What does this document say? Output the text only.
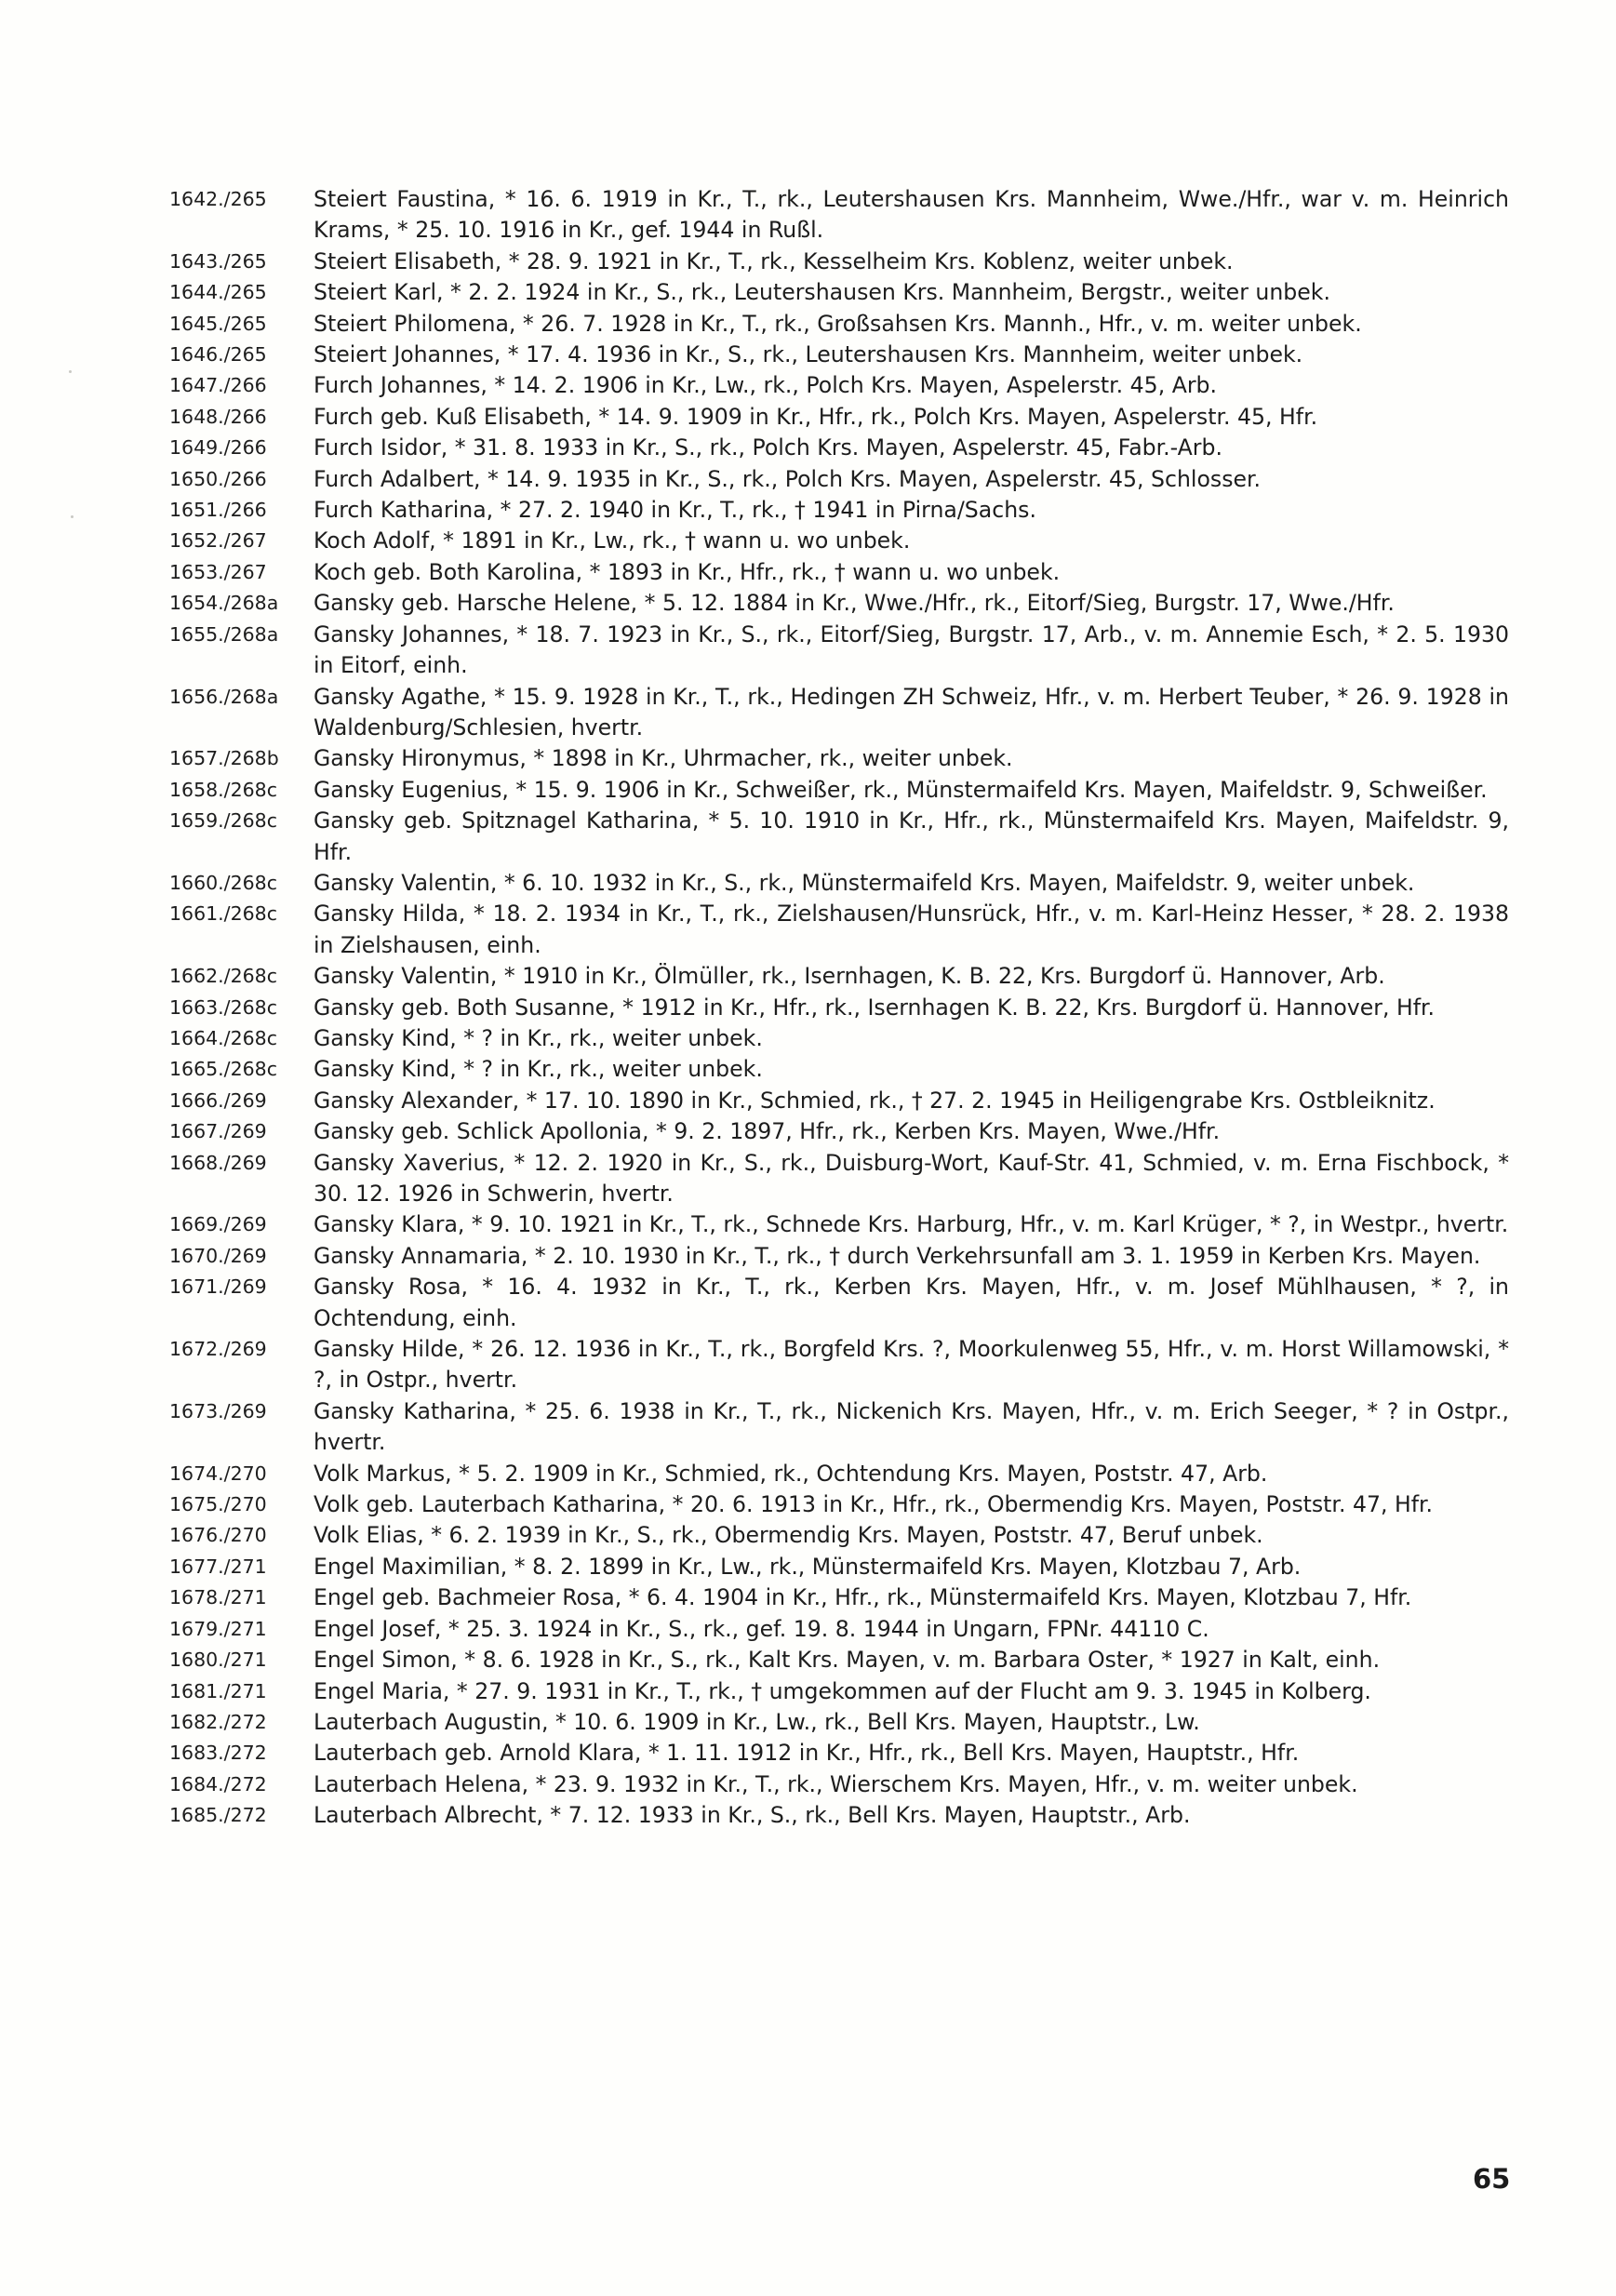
1642./265	Steiert Faustina, * 16. 6. 1919 in Kr., T., rk., Leutershausen Krs. Mannheim, Wwe./Hfr., war v. m. Heinrich Krams, * 25. 10. 1916 in Kr., gef. 1944 in Rußl.
1643./265	Steiert Elisabeth, * 28. 9. 1921 in Kr., T., rk., Kesselheim Krs. Koblenz, weiter unbek.
1644./265	Steiert Karl, * 2. 2. 1924 in Kr., S., rk., Leutershausen Krs. Mannheim, Bergstr., weiter unbek.
1645./265	Steiert Philomena, * 26. 7. 1928 in Kr., T., rk., Großsahsen Krs. Mannh., Hfr., v. m. weiter unbek.
1646./265	Steiert Johannes, * 17. 4. 1936 in Kr., S., rk., Leutershausen Krs. Mannheim, weiter unbek.
1647./266	Furch Johannes, * 14. 2. 1906 in Kr., Lw., rk., Polch Krs. Mayen, Aspelerstr. 45, Arb.
1648./266	Furch geb. Kuß Elisabeth, * 14. 9. 1909 in Kr., Hfr., rk., Polch Krs. Mayen, Aspelerstr. 45, Hfr.
1649./266	Furch Isidor, * 31. 8. 1933 in Kr., S., rk., Polch Krs. Mayen, Aspelerstr. 45, Fabr.-Arb.
1650./266	Furch Adalbert, * 14. 9. 1935 in Kr., S., rk., Polch Krs. Mayen, Aspelerstr. 45, Schlosser.
1651./266	Furch Katharina, * 27. 2. 1940 in Kr., T., rk., † 1941 in Pirna/Sachs.
1652./267	Koch Adolf, * 1891 in Kr., Lw., rk., † wann u. wo unbek.
1653./267	Koch geb. Both Karolina, * 1893 in Kr., Hfr., rk., † wann u. wo unbek.
1654./268a	Gansky geb. Harsche Helene, * 5. 12. 1884 in Kr., Wwe./Hfr., rk., Eitorf/Sieg, Burgstr. 17, Wwe./Hfr.
1655./268a	Gansky Johannes, * 18. 7. 1923 in Kr., S., rk., Eitorf/Sieg, Burgstr. 17, Arb., v. m. Annemie Esch, * 2. 5. 1930 in Eitorf, einh.
1656./268a	Gansky Agathe, * 15. 9. 1928 in Kr., T., rk., Hedingen ZH Schweiz, Hfr., v. m. Herbert Teuber, * 26. 9. 1928 in Waldenburg/Schlesien, hvertr.
1657./268b	Gansky Hironymus, * 1898 in Kr., Uhrmacher, rk., weiter unbek.
1658./268c	Gansky Eugenius, * 15. 9. 1906 in Kr., Schweißer, rk., Münstermaifeld Krs. Mayen, Maifeldstr. 9, Schweißer.
1659./268c	Gansky geb. Spitznagel Katharina, * 5. 10. 1910 in Kr., Hfr., rk., Münstermaifeld Krs. Mayen, Maifeldstr. 9, Hfr.
1660./268c	Gansky Valentin, * 6. 10. 1932 in Kr., S., rk., Münstermaifeld Krs. Mayen, Maifeldstr. 9, weiter unbek.
1661./268c	Gansky Hilda, * 18. 2. 1934 in Kr., T., rk., Zielshausen/Hunsrück, Hfr., v. m. Karl-Heinz Hesser, * 28. 2. 1938 in Zielshausen, einh.
1662./268c	Gansky Valentin, * 1910 in Kr., Ölmüller, rk., Isernhagen, K. B. 22, Krs. Burgdorf ü. Hannover, Arb.
1663./268c	Gansky geb. Both Susanne, * 1912 in Kr., Hfr., rk., Isernhagen K. B. 22, Krs. Burgdorf ü. Hannover, Hfr.
1664./268c	Gansky Kind, * ? in Kr., rk., weiter unbek.
1665./268c	Gansky Kind, * ? in Kr., rk., weiter unbek.
1666./269	Gansky Alexander, * 17. 10. 1890 in Kr., Schmied, rk., † 27. 2. 1945 in Heiligengrabe Krs. Ostbleiknitz.
1667./269	Gansky geb. Schlick Apollonia, * 9. 2. 1897, Hfr., rk., Kerben Krs. Mayen, Wwe./Hfr.
1668./269	Gansky Xaverius, * 12. 2. 1920 in Kr., S., rk., Duisburg-Wort, Kauf-Str. 41, Schmied, v. m. Erna Fischbock, * 30. 12. 1926 in Schwerin, hvertr.
1669./269	Gansky Klara, * 9. 10. 1921 in Kr., T., rk., Schnede Krs. Harburg, Hfr., v. m. Karl Krüger, * ?, in Westpr., hvertr.
1670./269	Gansky Annamaria, * 2. 10. 1930 in Kr., T., rk., † durch Verkehrsunfall am 3. 1. 1959 in Kerben Krs. Mayen.
1671./269	Gansky Rosa, * 16. 4. 1932 in Kr., T., rk., Kerben Krs. Mayen, Hfr., v. m. Josef Mühlhausen, * ?, in Ochtendung, einh.
1672./269	Gansky Hilde, * 26. 12. 1936 in Kr., T., rk., Borgfeld Krs. ?, Moorkulenweg 55, Hfr., v. m. Horst Willamowski, * ?, in Ostpr., hvertr.
1673./269	Gansky Katharina, * 25. 6. 1938 in Kr., T., rk., Nickenich Krs. Mayen, Hfr., v. m. Erich Seeger, * ? in Ostpr., hvertr.
1674./270	Volk Markus, * 5. 2. 1909 in Kr., Schmied, rk., Ochtendung Krs. Mayen, Poststr. 47, Arb.
1675./270	Volk geb. Lauterbach Katharina, * 20. 6. 1913 in Kr., Hfr., rk., Obermendig Krs. Mayen, Poststr. 47, Hfr.
1676./270	Volk Elias, * 6. 2. 1939 in Kr., S., rk., Obermendig Krs. Mayen, Poststr. 47, Beruf unbek.
1677./271	Engel Maximilian, * 8. 2. 1899 in Kr., Lw., rk., Münstermaifeld Krs. Mayen, Klotzbau 7, Arb.
1678./271	Engel geb. Bachmeier Rosa, * 6. 4. 1904 in Kr., Hfr., rk., Münstermaifeld Krs. Mayen, Klotzbau 7, Hfr.
1679./271	Engel Josef, * 25. 3. 1924 in Kr., S., rk., gef. 19. 8. 1944 in Ungarn, FPNr. 44110 C.
1680./271	Engel Simon, * 8. 6. 1928 in Kr., S., rk., Kalt Krs. Mayen, v. m. Barbara Oster, * 1927 in Kalt, einh.
1681./271	Engel Maria, * 27. 9. 1931 in Kr., T., rk., † umgekommen auf der Flucht am 9. 3. 1945 in Kolberg.
1682./272	Lauterbach Augustin, * 10. 6. 1909 in Kr., Lw., rk., Bell Krs. Mayen, Hauptstr., Lw.
1683./272	Lauterbach geb. Arnold Klara, * 1. 11. 1912 in Kr., Hfr., rk., Bell Krs. Mayen, Hauptstr., Hfr.
1684./272	Lauterbach Helena, * 23. 9. 1932 in Kr., T., rk., Wierschem Krs. Mayen, Hfr., v. m. weiter unbek.
1685./272	Lauterbach Albrecht, * 7. 12. 1933 in Kr., S., rk., Bell Krs. Mayen, Hauptstr., Arb.
65
